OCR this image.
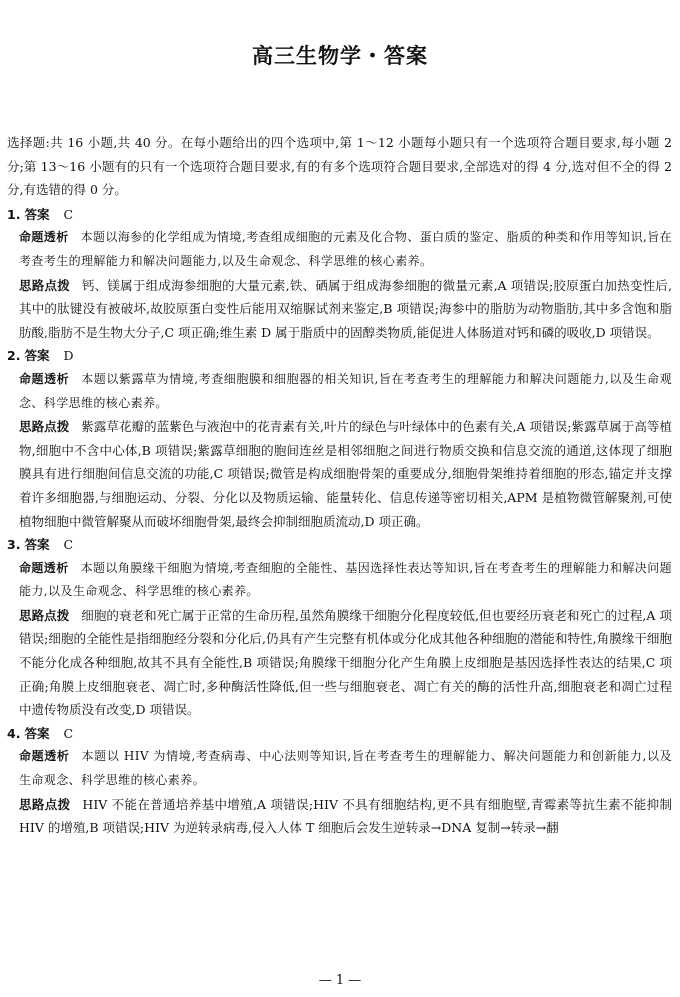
高三生物学・答案

选择题:共 16 小题,共 40 分。在每小题给出的四个选项中,第 1～12 小题每小题只有一个选项符合题目要求,每小题 2 分;第 13～16 小题有的只有一个选项符合题目要求,有的有多个选项符合题目要求,全部选对的得 4 分,选对但不全的得 2 分,有选错的得 0 分。

1. 答案 C

命题透析 本题以海参的化学组成为情境,考查组成细胞的元素及化合物、蛋白质的鉴定、脂质的种类和作用等知识,旨在考查考生的理解能力和解决问题能力,以及生命观念、科学思维的核心素养。

思路点拨 钙、镁属于组成海参细胞的大量元素,铁、硒属于组成海参细胞的微量元素,A 项错误;胶原蛋白加热变性后,其中的肽键没有被破坏,故胶原蛋白变性后能用双缩脲试剂来鉴定,B 项错误;海参中的脂肪为动物脂肪,其中多含饱和脂肪酸,脂肪不是生物大分子,C 项正确;维生素 D 属于脂质中的固醇类物质,能促进人体肠道对钙和磷的吸收,D 项错误。

2. 答案 D

命题透析 本题以紫露草为情境,考查细胞膜和细胞器的相关知识,旨在考查考生的理解能力和解决问题能力,以及生命观念、科学思维的核心素养。

思路点拨 紫露草花瓣的蓝紫色与液泡中的花青素有关,叶片的绿色与叶绿体中的色素有关,A 项错误;紫露草属于高等植物,细胞中不含中心体,B 项错误;紫露草细胞的胞间连丝是相邻细胞之间进行物质交换和信息交流的通道,这体现了细胞膜具有进行细胞间信息交流的功能,C 项错误;微管是构成细胞骨架的重要成分,细胞骨架维持着细胞的形态,锚定并支撑着许多细胞器,与细胞运动、分裂、分化以及物质运输、能量转化、信息传递等密切相关,APM 是植物微管解聚剂,可使植物细胞中微管解聚从而破坏细胞骨架,最终会抑制细胞质流动,D 项正确。

3. 答案 C

命题透析 本题以角膜缘干细胞为情境,考查细胞的全能性、基因选择性表达等知识,旨在考查考生的理解能力和解决问题能力,以及生命观念、科学思维的核心素养。

思路点拨 细胞的衰老和死亡属于正常的生命历程,虽然角膜缘干细胞分化程度较低,但也要经历衰老和死亡的过程,A 项错误;细胞的全能性是指细胞经分裂和分化后,仍具有产生完整有机体或分化成其他各种细胞的潜能和特性,角膜缘干细胞不能分化成各种细胞,故其不具有全能性,B 项错误;角膜缘干细胞分化产生角膜上皮细胞是基因选择性表达的结果,C 项正确;角膜上皮细胞衰老、凋亡时,多种酶活性降低,但一些与细胞衰老、凋亡有关的酶的活性升高,细胞衰老和凋亡过程中遗传物质没有改变,D 项错误。

4. 答案 C

命题透析 本题以 HIV 为情境,考查病毒、中心法则等知识,旨在考查考生的理解能力、解决问题能力和创新能力,以及生命观念、科学思维的核心素养。

思路点拨 HIV 不能在普通培养基中增殖,A 项错误;HIV 不具有细胞结构,更不具有细胞壁,青霉素等抗生素不能抑制 HIV 的增殖,B 项错误;HIV 为逆转录病毒,侵入人体 T 细胞后会发生逆转录→DNA 复制→转录→翻

— 1 —
